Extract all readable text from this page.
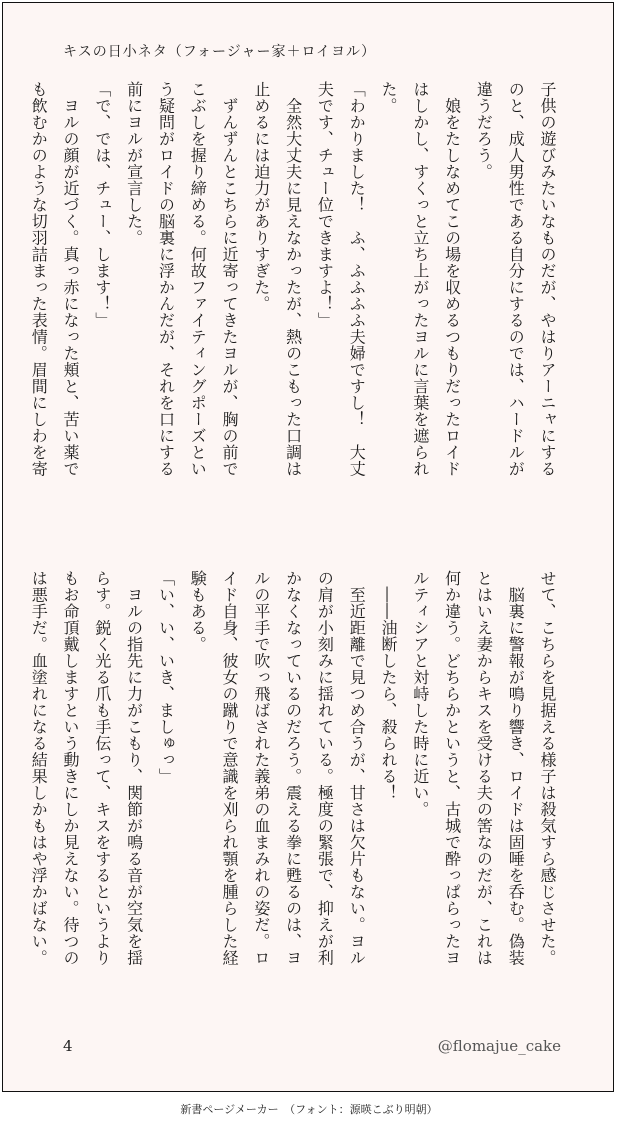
キスの日小ネタ（フォージャー家＋ロイヨル）

子供の遊びみたいなものだが、やはりアーニャにする

のと、成人男性である自分にするのでは、ハードルが

違うだろう。

　娘をたしなめてこの場を収めるつもりだったロイド

はしかし、すくっと立ち上がったヨルに言葉を遮られ

た。

「わかりました！　ふ、ふふふふ夫婦ですし！　大丈

夫です、チュー位できますよ！」

　全然大丈夫に見えなかったが、熱のこもった口調は

止めるには迫力がありすぎた。

　ずんずんとこちらに近寄ってきたヨルが、胸の前で

こぶしを握り締める。何故ファイティングポーズとい

う疑問がロイドの脳裏に浮かんだが、それを口にする

前にヨルが宣言した。

「で、では、チュー、します！」

　ヨルの顔が近づく。真っ赤になった頬と、苦い薬で

も飲むかのような切羽詰まった表情。眉間にしわを寄

せて、こちらを見据える様子は殺気すら感じさせた。

　脳裏に警報が鳴り響き、ロイドは固唾を呑む。偽装

とはいえ妻からキスを受ける夫の筈なのだが、これは

何か違う。どちらかというと、古城で酔っぱらったヨ

ルティシアと対峙した時に近い。

　――油断したら、殺られる！

　至近距離で見つめ合うが、甘さは欠片もない。ヨル

の肩が小刻みに揺れている。極度の緊張で、抑えが利

かなくなっているのだろう。震える拳に甦るのは、ヨ

ルの平手で吹っ飛ばされた義弟の血まみれの姿だ。ロ

イド自身、彼女の蹴りで意識を刈られ顎を腫らした経

験もある。

「い、い、いき、ましゅっ」

　ヨルの指先に力がこもり、関節が鳴る音が空気を揺

らす。鋭く光る爪も手伝って、キスをするというより

もお命頂戴しますという動きにしか見えない。待つの

は悪手だ。血塗れになる結果しかもはや浮かばない。

4	@flomajue_cake
新書ページメーカー　（フォント：源暎こぶり明朝）
